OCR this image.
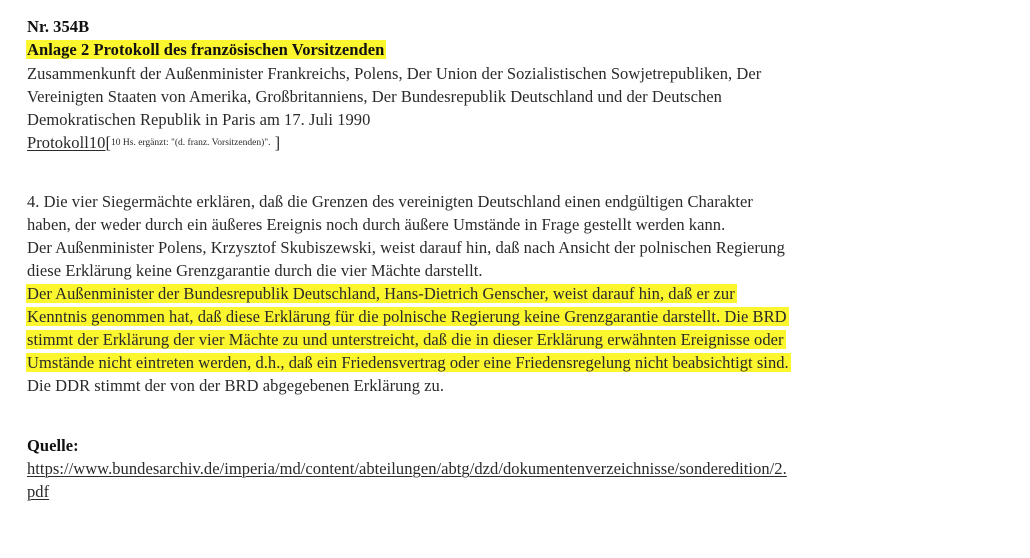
Nr. 354B
Anlage 2 Protokoll des französischen Vorsitzenden
Zusammenkunft der Außenminister Frankreichs, Polens, Der Union der Sozialistischen Sowjetrepubliken, Der
Vereinigten Staaten von Amerika, Großbritanniens, Der Bundesrepublik Deutschland und der Deutschen
Demokratischen Republik in Paris am 17. Juli 1990
Protokoll10[10 Hs. ergänzt: "(d. franz. Vorsitzenden)". ]
4. Die vier Siegermächte erklären, daß die Grenzen des vereinigten Deutschland einen endgültigen Charakter
haben, der weder durch ein äußeres Ereignis noch durch äußere Umstände in Frage gestellt werden kann.
Der Außenminister Polens, Krzysztof Skubiszewski, weist darauf hin, daß nach Ansicht der polnischen Regierung
diese Erklärung keine Grenzgarantie durch die vier Mächte darstellt.
Der Außenminister der Bundesrepublik Deutschland, Hans-Dietrich Genscher, weist darauf hin, daß er zur
Kenntnis genommen hat, daß diese Erklärung für die polnische Regierung keine Grenzgarantie darstellt. Die BRD
stimmt der Erklärung der vier Mächte zu und unterstreicht, daß die in dieser Erklärung erwähnten Ereignisse oder
Umstände nicht eintreten werden, d.h., daß ein Friedensvertrag oder eine Friedensregelung nicht beabsichtigt sind.
Die DDR stimmt der von der BRD abgegebenen Erklärung zu.
Quelle:
https://www.bundesarchiv.de/imperia/md/content/abteilungen/abtg/dzd/dokumentenverzeichnisse/sonderedition/2.
pdf
